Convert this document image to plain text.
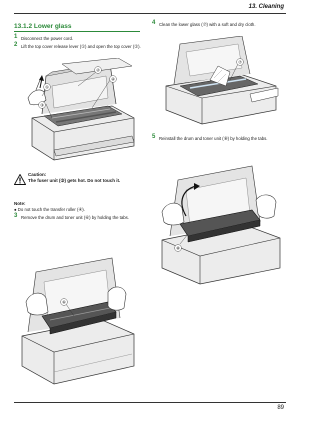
13. Cleaning
13.1.2 Lower glass
1 Disconnect the power cord.
2 Lift the top cover release lever (①) and open the top cover (②).
②
④
③
①
Caution:
The fuser unit (③) gets hot. Do not touch it.
Note:
● Do not touch the transfer roller (④).
3 Remove the drum and toner unit (⑥) by holding the tabs.
⑥
4 Clean the lower glass (⑦) with a soft and dry cloth.
⑦
5 Reinstall the drum and toner unit (⑧) by holding the tabs.
⑧
89
